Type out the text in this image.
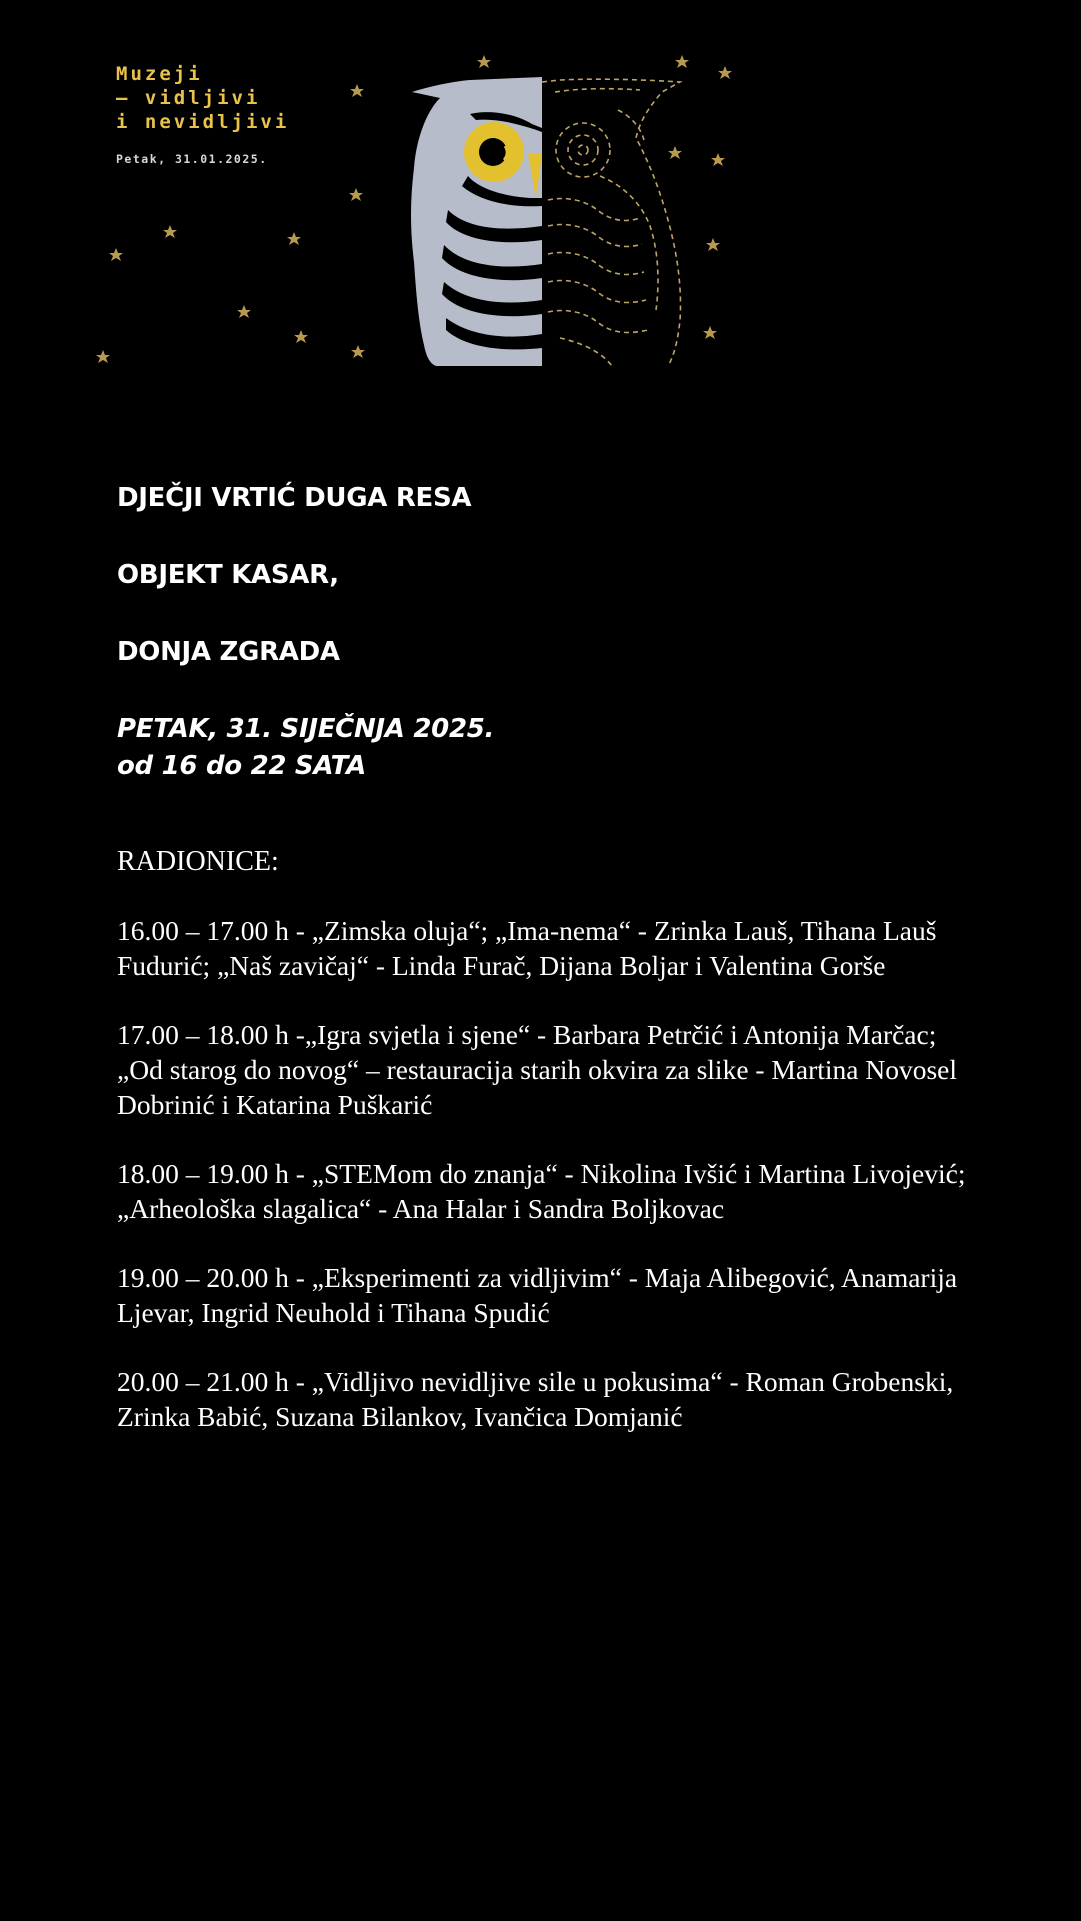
Muzeji
— vidljivi
i nevidljivi
Petak, 31.01.2025.

DJEČJI VRTIĆ DUGA RESA

OBJEKT KASAR,

DONJA ZGRADA

PETAK, 31. SIJEČNJA 2025.

od 16 do 22 SATA

RADIONICE:

16.00 – 17.00 h - „Zimska oluja“; „Ima-nema“ - Zrinka Lauš, Tihana Lauš Fudurić; „Naš zavičaj“ - Linda Furač, Dijana Boljar i Valentina Gorše

17.00 – 18.00 h -„Igra svjetla i sjene“ - Barbara Petrčić i Antonija Marčac; „Od starog do novog“ – restauracija starih okvira za slike - Martina Novosel Dobrinić i Katarina Puškarić

18.00 – 19.00 h - „STEMom do znanja“ - Nikolina Ivšić i Martina Livojević; „Arheološka slagalica“ - Ana Halar i Sandra Boljkovac

19.00 – 20.00 h - „Eksperimenti za vidljivim“ - Maja Alibegović, Anamarija Ljevar, Ingrid Neuhold i Tihana Spudić

20.00 – 21.00 h - „Vidljivo nevidljive sile u pokusima“ - Roman Grobenski, Zrinka Babić, Suzana Bilankov, Ivančica Domjanić
